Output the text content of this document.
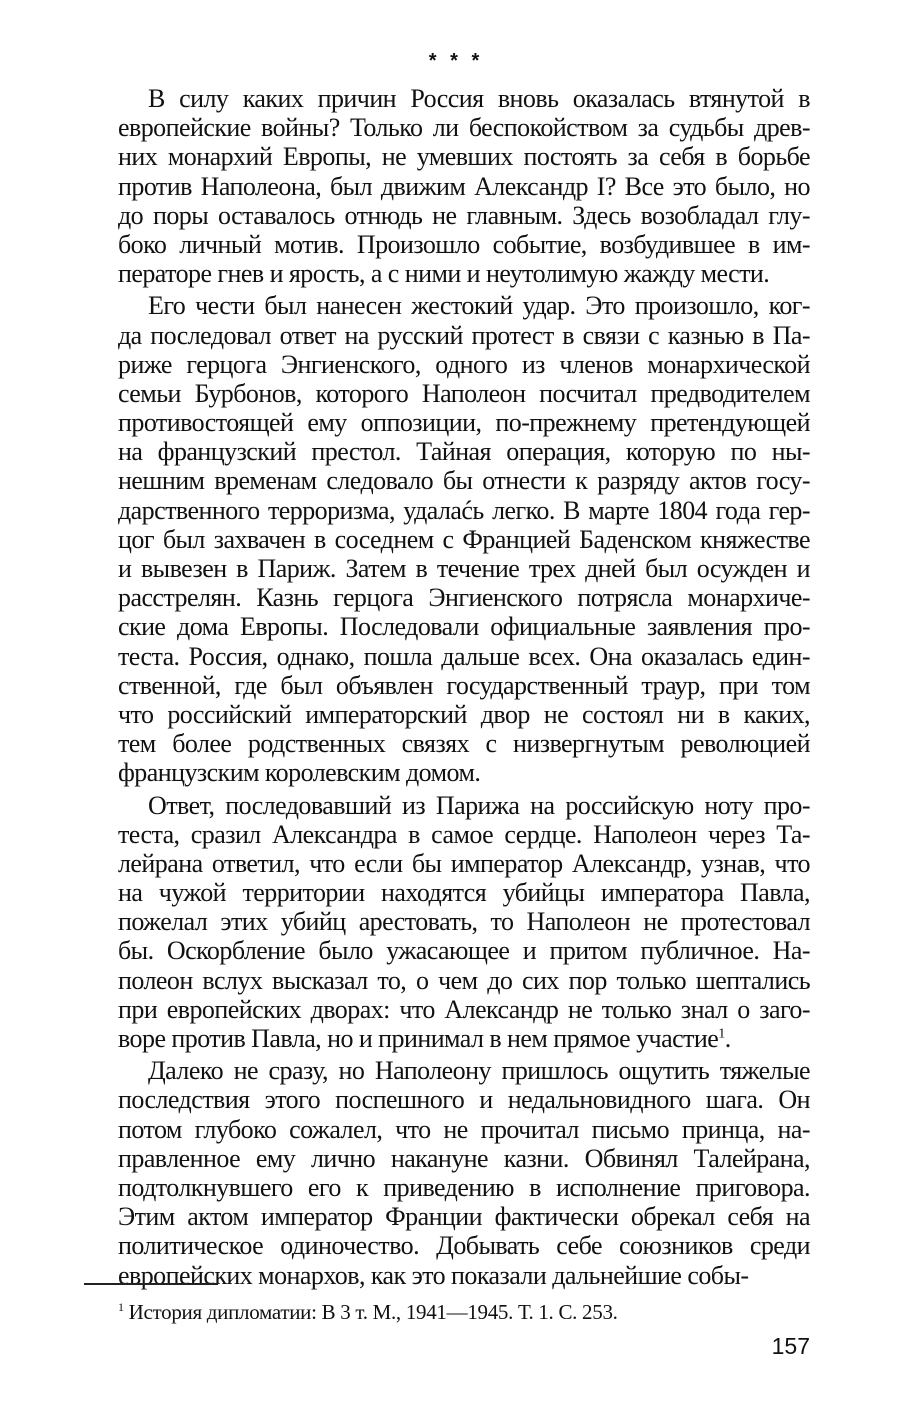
* * *
В силу каких причин Россия вновь оказалась втянутой в
европейские войны? Только ли беспокойством за судьбы древ-
них монархий Европы, не умевших постоять за себя в борьбе
против Наполеона, был движим Александр I? Все это было, но
до поры оставалось отнюдь не главным. Здесь возобладал глу-
боко личный мотив. Произошло событие, возбудившее в им-
ператоре гнев и ярость, а с ними и неутолимую жажду мести.
Его чести был нанесен жестокий удар. Это произошло, ког-
да последовал ответ на русский протест в связи с казнью в Па-
риже герцога Энгиенского, одного из членов монархической
семьи Бурбонов, которого Наполеон посчитал предводителем
противостоящей ему оппозиции, по-прежнему претендующей
на французский престол. Тайная операция, которую по ны-
нешним временам следовало бы отнести к разряду актов госу-
дарственного терроризма, удалаćь легко. В марте 1804 года гер-
цог был захвачен в соседнем с Францией Баденском княжестве
и вывезен в Париж. Затем в течение трех дней был осужден и
расстрелян. Казнь герцога Энгиенского потрясла монархиче-
ские дома Европы. Последовали официальные заявления про-
теста. Россия, однако, пошла дальше всех. Она оказалась един-
ственной, где был объявлен государственный траур, при том
что российский императорский двор не состоял ни в каких,
тем более родственных связях с низвергнутым революцией
французским королевским домом.
Ответ, последовавший из Парижа на российскую ноту про-
теста, сразил Александра в самое сердце. Наполеон через Та-
лейрана ответил, что если бы император Александр, узнав, что
на чужой территории находятся убийцы императора Павла,
пожелал этих убийц арестовать, то Наполеон не протестовал
бы. Оскорбление было ужасающее и притом публичное. На-
полеон вслух высказал то, о чем до сих пор только шептались
при европейских дворах: что Александр не только знал о заго-
воре против Павла, но и принимал в нем прямое участие$^1$.
Далеко не сразу, но Наполеону пришлось ощутить тяжелые
последствия этого поспешного и недальновидного шага. Он
потом глубоко сожалел, что не прочитал письмо принца, на-
правленное ему лично накануне казни. Обвинял Талейрана,
подтолкнувшего его к приведению в исполнение приговора.
Этим актом император Франции фактически обрекал себя на
политическое одиночество. Добывать себе союзников среди
европейских монархов, как это показали дальнейшие собы-
$^1$ История дипломатии: В 3 т. М., 1941—1945. Т. 1. С. 253.
157
